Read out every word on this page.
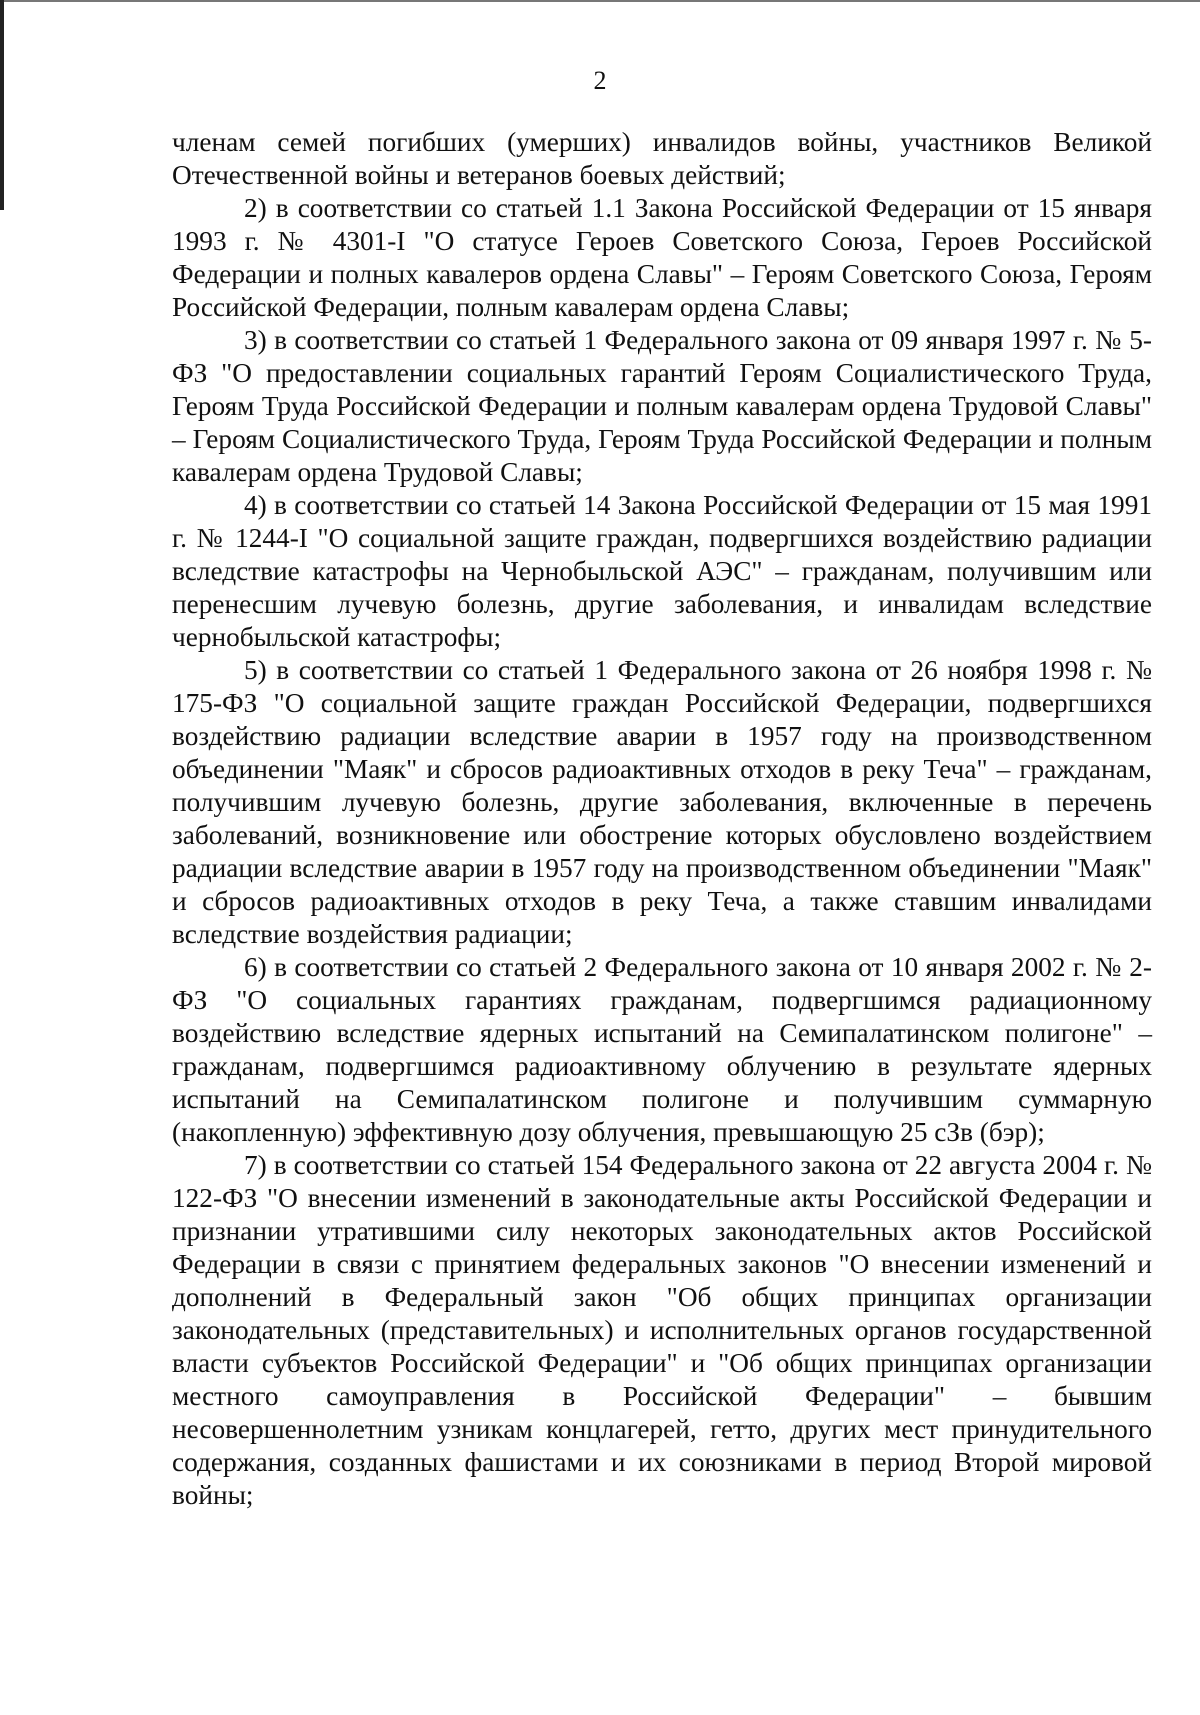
2

членам семей погибших (умерших) инвалидов войны, участников Великой Отечественной войны и ветеранов боевых действий;

2) в соответствии со статьей 1.1 Закона Российской Федерации от 15 января 1993 г. № 4301-I "О статусе Героев Советского Союза, Героев Российской Федерации и полных кавалеров ордена Славы" – Героям Советского Союза, Героям Российской Федерации, полным кавалерам ордена Славы;

3) в соответствии со статьей 1 Федерального закона от 09 января 1997 г. № 5-ФЗ "О предоставлении социальных гарантий Героям Социалистического Труда, Героям Труда Российской Федерации и полным кавалерам ордена Трудовой Славы" – Героям Социалистического Труда, Героям Труда Российской Федерации и полным кавалерам ордена Трудовой Славы;

4) в соответствии со статьей 14 Закона Российской Федерации от 15 мая 1991 г. № 1244-I "О социальной защите граждан, подвергшихся воздействию радиации вследствие катастрофы на Чернобыльской АЭС" – гражданам, получившим или перенесшим лучевую болезнь, другие заболевания, и инвалидам вследствие чернобыльской катастрофы;

5) в соответствии со статьей 1 Федерального закона от 26 ноября 1998 г. № 175-ФЗ "О социальной защите граждан Российской Федерации, подвергшихся воздействию радиации вследствие аварии в 1957 году на производственном объединении "Маяк" и сбросов радиоактивных отходов в реку Теча" – гражданам, получившим лучевую болезнь, другие заболевания, включенные в перечень заболеваний, возникновение или обострение которых обусловлено воздействием радиации вследствие аварии в 1957 году на производственном объединении "Маяк" и сбросов радиоактивных отходов в реку Теча, а также ставшим инвалидами вследствие воздействия радиации;

6) в соответствии со статьей 2 Федерального закона от 10 января 2002 г. № 2-ФЗ "О социальных гарантиях гражданам, подвергшимся радиационному воздействию вследствие ядерных испытаний на Семипалатинском полигоне" – гражданам, подвергшимся радиоактивному облучению в результате ядерных испытаний на Семипалатинском полигоне и получившим суммарную (накопленную) эффективную дозу облучения, превышающую 25 сЗв (бэр);

7) в соответствии со статьей 154 Федерального закона от 22 августа 2004 г. № 122-ФЗ "О внесении изменений в законодательные акты Российской Федерации и признании утратившими силу некоторых законодательных актов Российской Федерации в связи с принятием федеральных законов "О внесении изменений и дополнений в Федеральный закон "Об общих принципах организации законодательных (представительных) и исполнительных органов государственной власти субъектов Российской Федерации" и "Об общих принципах организации местного самоуправления в Российской Федерации" – бывшим несовершеннолетним узникам концлагерей, гетто, других мест принудительного содержания, созданных фашистами и их союзниками в период Второй мировой войны;
